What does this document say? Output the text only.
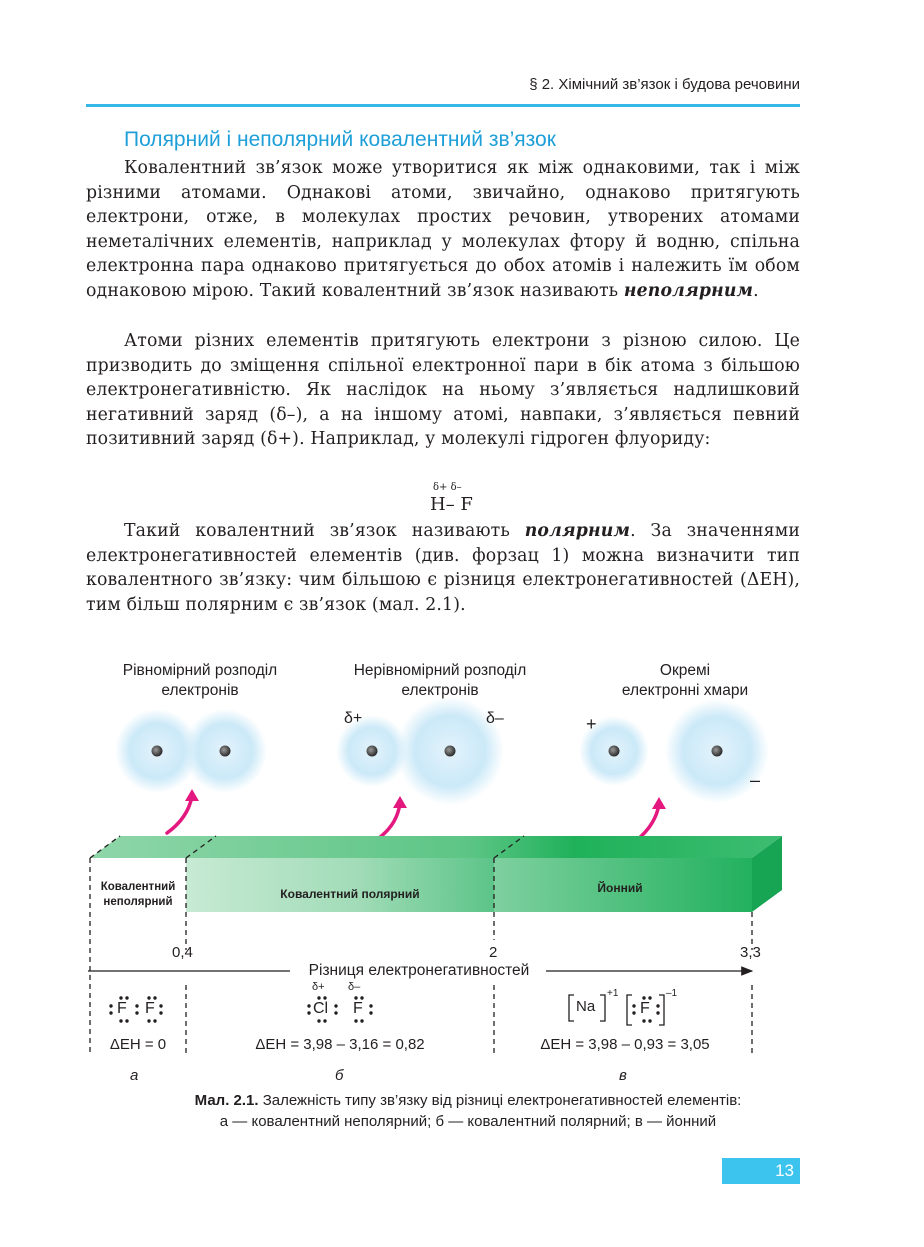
§ 2. Хімічний зв’язок і будова речовини
Полярний і неполярний ковалентний зв’язок

Ковалентний зв’язок може утворитися як між однаковими, так і між різними атомами. Однакові атоми, звичайно, однаково притягують електрони, отже, в молекулах простих речовин, утворених атомами неметалічних елементів, наприклад у молекулах фтору й водню, спільна електронна пара однаково притягується до обох атомів і належить їм обом однаковою мірою. Такий ковалентний зв’язок називають неполярним.

Атоми різних елементів притягують електрони з різною силою. Це призводить до зміщення спільної електронної пари в бік атома з більшою електронегативністю. Як наслідок на ньому з’являється надлишковий негативний заряд (δ–), а на іншому атомі, навпаки, з’являється певний позитивний заряд (δ+). Наприклад, у молекулі гідроген флуориду:

δ+ δ–
H– F

Такий ковалентний зв’язок називають полярним. За значеннями електронегативностей елементів (див. форзац 1) можна визначити тип ковалентного зв’язку: чим більшою є різниця електронегативностей (ΔЕН), тим більш полярним є зв’язок (мал. 2.1).

Рівномірний розподіл
електронів
Нерівномірний розподіл
електронів
Окремі
електронні хмари
δ+	δ–	+
–
Ковалентний
неполярний
Ковалентний полярний	Йонний
0,4	2	3,3
Різниця електронегативностей
F F
ΔЕН = 0
δ+ δ–
Cl F
ΔЕН = 3,98 – 3,16 = 0,82
Na
+1
F
–1
ΔЕН = 3,98 – 0,93 = 3,05
а	б	в
Мал. 2.1. Залежність типу зв’язку від різниці електронегативностей елементів:
а — ковалентний неполярний; б — ковалентний полярний; в — йонний
13
